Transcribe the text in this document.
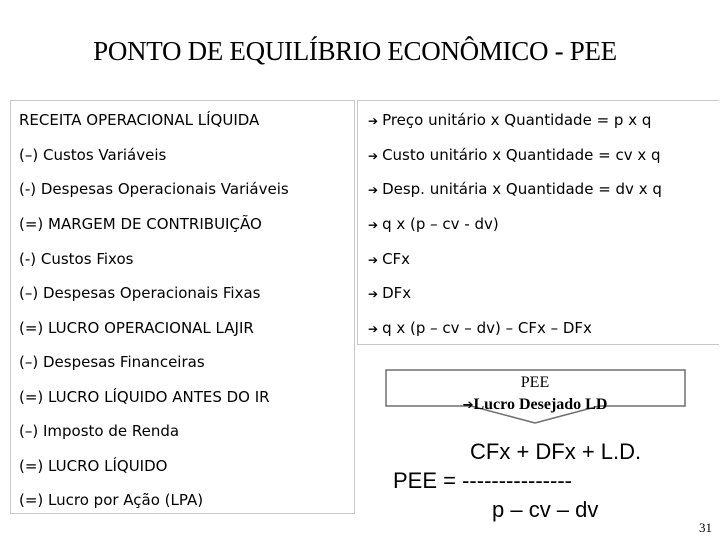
PONTO DE EQUILÍBRIO ECONÔMICO - PEE
RECEITA OPERACIONAL LÍQUIDA
(–) Custos Variáveis
(-) Despesas Operacionais Variáveis
(=) MARGEM DE CONTRIBUIÇÃO
(-) Custos Fixos
(–) Despesas Operacionais Fixas
(=) LUCRO OPERACIONAL LAJIR
(–) Despesas Financeiras
(=) LUCRO LÍQUIDO ANTES DO IR
(–) Imposto de Renda
(=) LUCRO LÍQUIDO
(=) Lucro por Ação (LPA)
➔ Preço unitário x Quantidade = p x q
➔ Custo unitário x Quantidade = cv x q
➔ Desp. unitária x Quantidade = dv x q
➔ q x (p – cv - dv)
➔ CFx
➔ DFx
➔ q x (p – cv – dv) – CFx – DFx
PEE
➔Lucro Desejado LD
CFx + DFx + L.D.
PEE = ---------------
p – cv – dv
31
